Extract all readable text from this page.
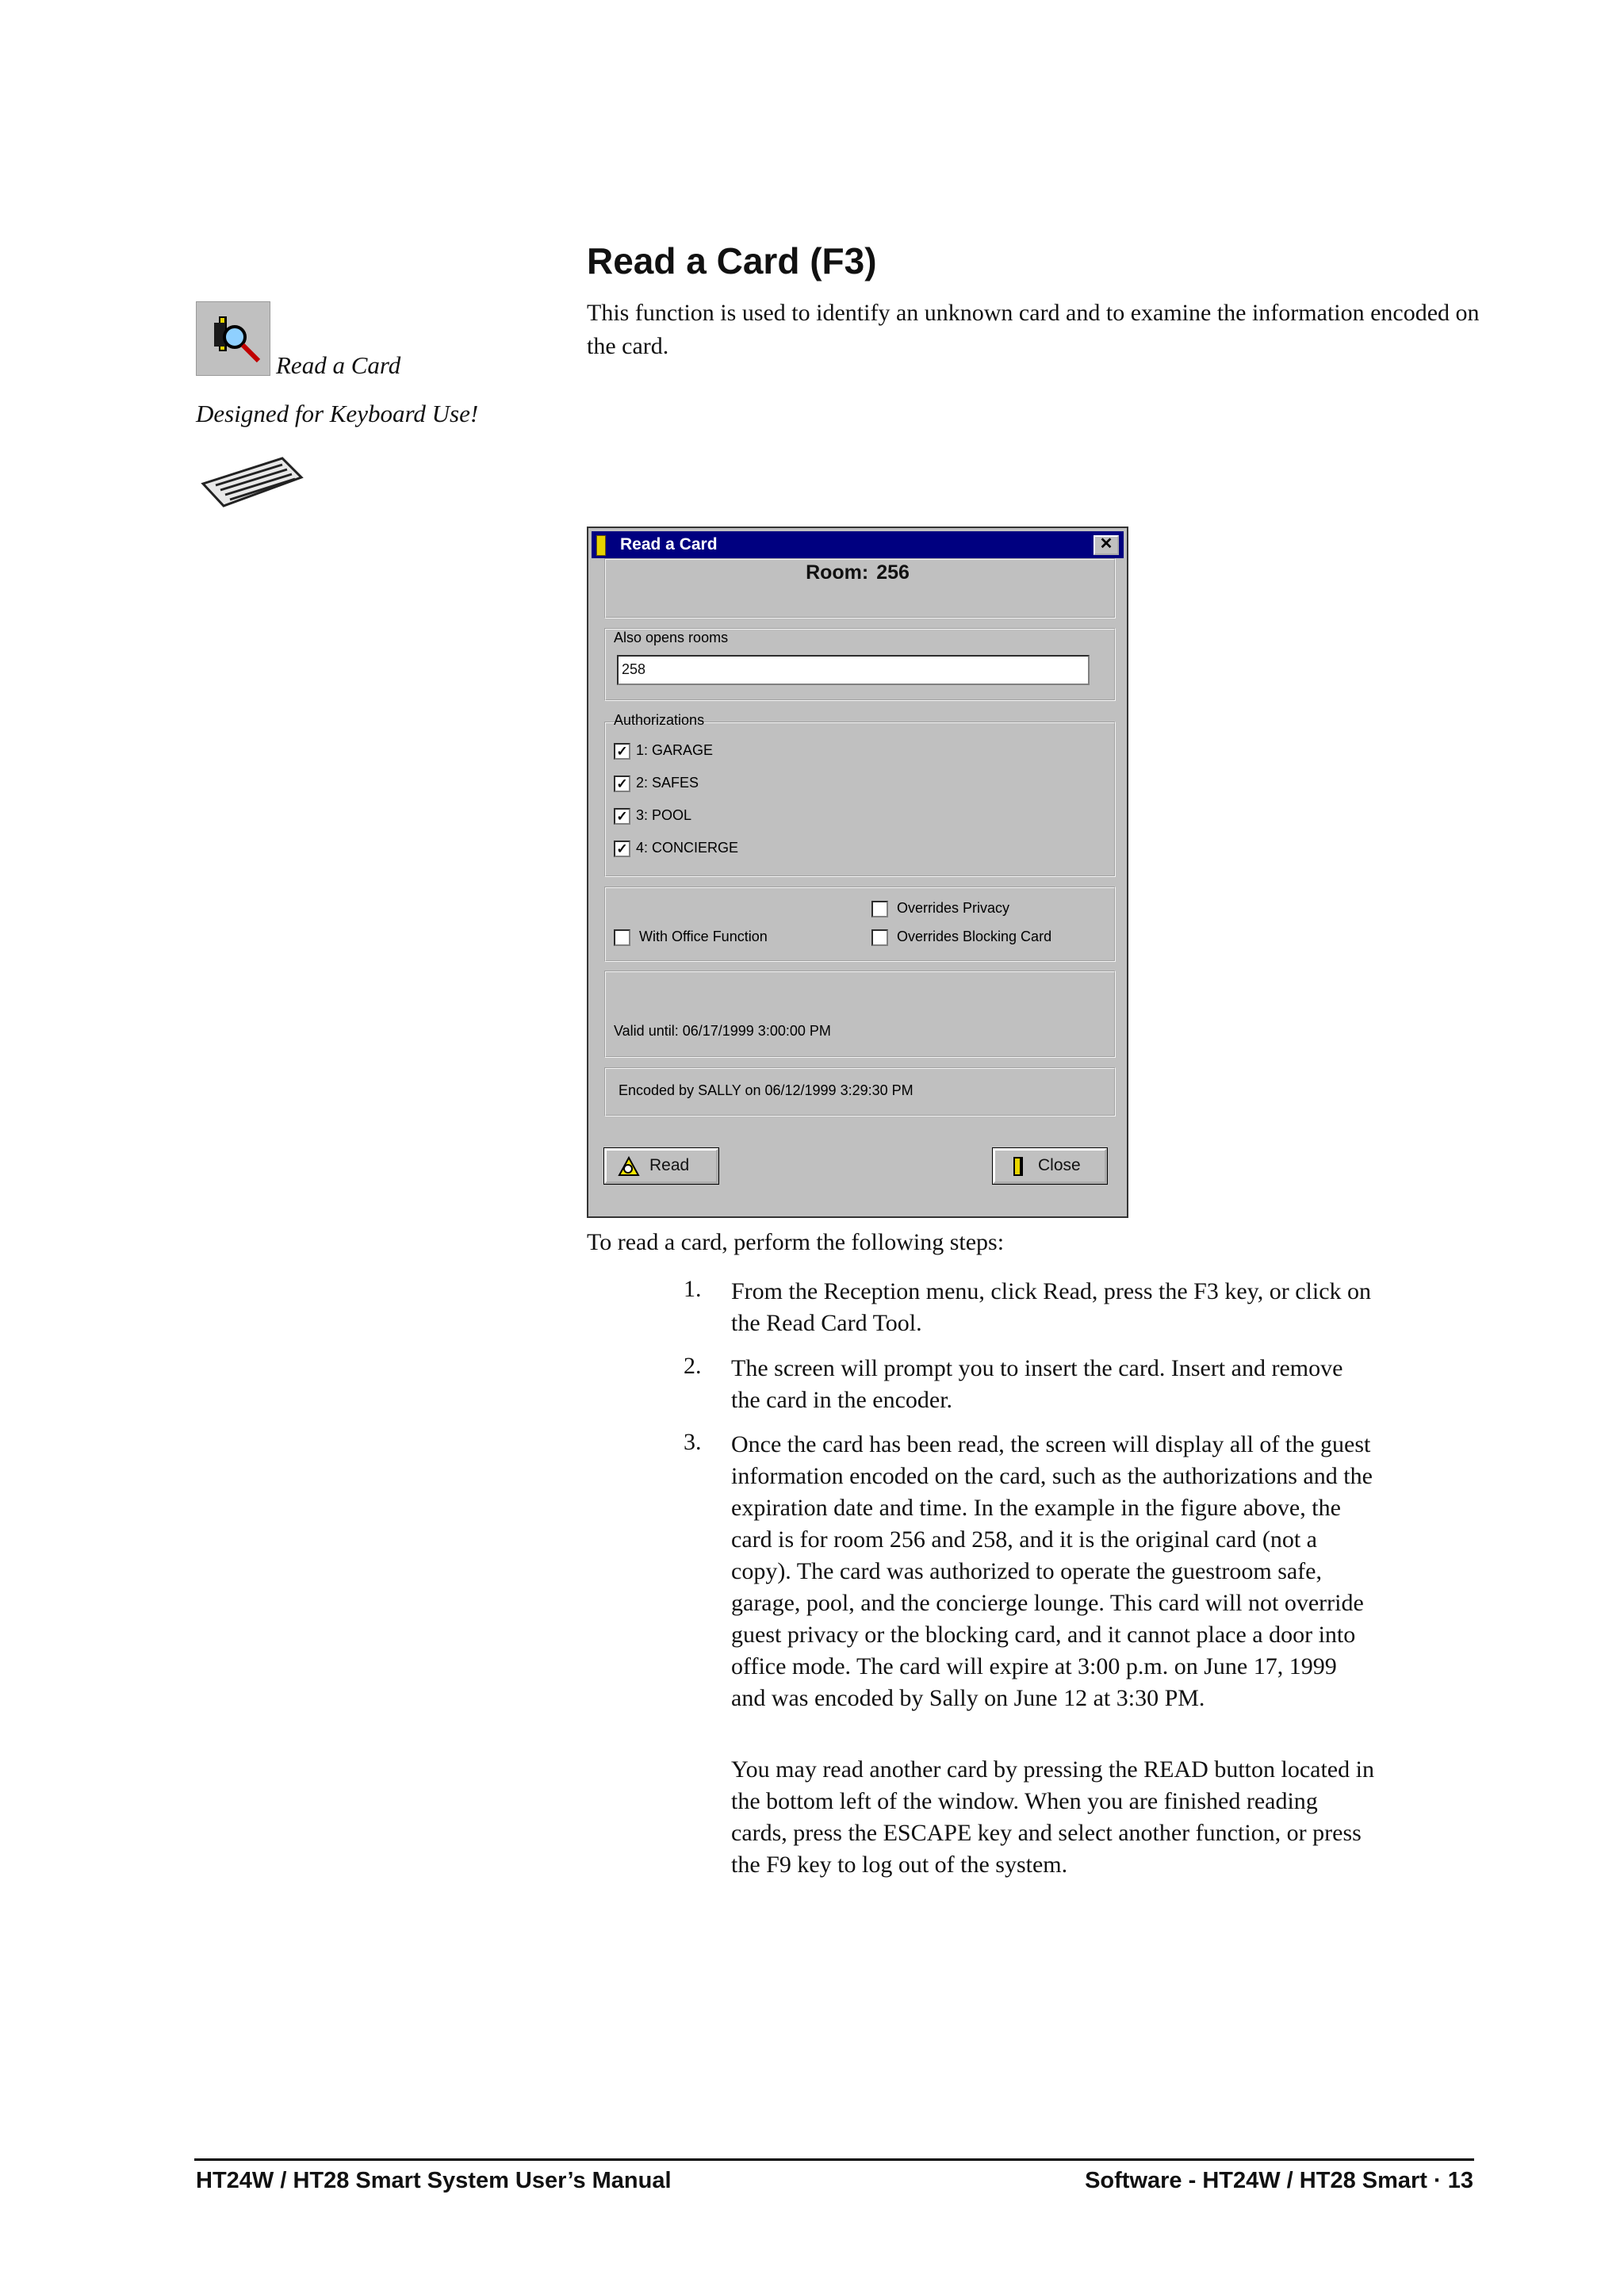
Read a Card
Designed for Keyboard Use!
Read a Card (F3)
This function is used to identify an unknown card and to examine the information encoded on the card.
Read a Card	✕
Room: 256
Also opens rooms
258
Authorizations
✓ 1: GARAGE
✓ 2: SAFES
✓ 3: POOL
✓ 4: CONCIERGE
With Office Function
Overrides Privacy
Overrides Blocking Card
Valid until: 06/17/1999 3:00:00 PM
Encoded by SALLY on 06/12/1999 3:29:30 PM
Read	Close
To read a card, perform the following steps:
1. From the Reception menu, click Read, press the F3 key, or click on
the Read Card Tool.
2. The screen will prompt you to insert the card. Insert and remove
the card in the encoder.
3. Once the card has been read, the screen will display all of the guest
information encoded on the card, such as the authorizations and the
expiration date and time. In the example in the figure above, the
card is for room 256 and 258, and it is the original card (not a
copy). The card was authorized to operate the guestroom safe,
garage, pool, and the concierge lounge. This card will not override
guest privacy or the blocking card, and it cannot place a door into
office mode. The card will expire at 3:00 p.m. on June 17, 1999
and was encoded by Sally on June 12 at 3:30 PM.
You may read another card by pressing the READ button located in
the bottom left of the window. When you are finished reading
cards, press the ESCAPE key and select another function, or press
the F9 key to log out of the system.
HT24W / HT28 Smart System User’s Manual	Software - HT24W / HT28 Smart · 13
